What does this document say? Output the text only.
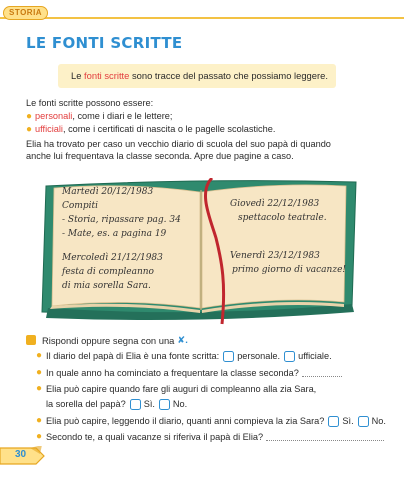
STORIA
LE FONTI SCRITTE
Le fonti scritte sono tracce del passato che possiamo leggere.
Le fonti scritte possono essere:
● personali, come i diari e le lettere;
● ufficiali, come i certificati di nascita o le pagelle scolastiche.
Elia ha trovato per caso un vecchio diario di scuola del suo papà di quando
anche lui frequentava la classe seconda. Apre due pagine a caso.
Martedì 20/12/1983
Compiti
- Storia, ripassare pag. 34
- Mate, es. a pagina 19
Mercoledì 21/12/1983
festa di compleanno
di mia sorella Sara.
Giovedì 22/12/1983
spettacolo teatrale.
Venerdì 23/12/1983
primo giorno di vacanze!
Rispondi oppure segna con una ✘.
● Il diario del papà di Elia è una fonte scritta: personale. ufficiale.
● In quale anno ha cominciato a frequentare la classe seconda?
● Elia può capire quando fare gli auguri di compleanno alla zia Sara,
la sorella del papà? Sì. No.
● Elia può capire, leggendo il diario, quanti anni compieva la zia Sara? Sì. No.
● Secondo te, a quali vacanze si riferiva il papà di Elia?
30
